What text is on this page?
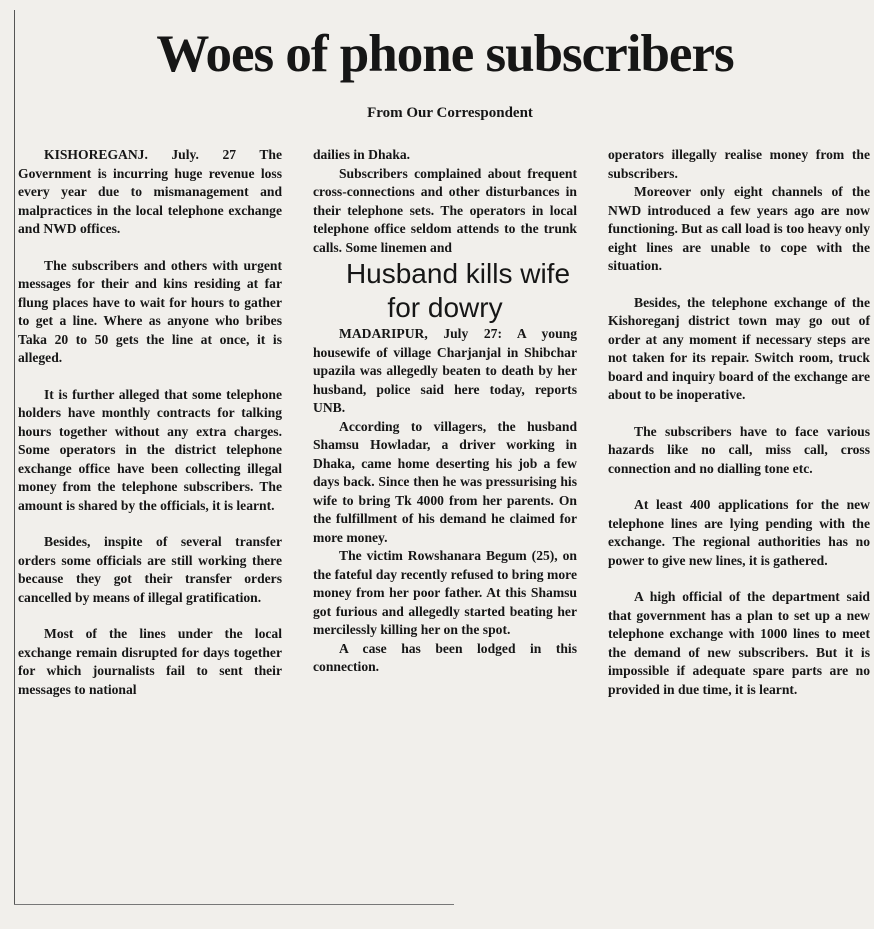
Woes of phone subscribers
From Our Correspondent

KISHOREGANJ. July. 27 The Government is incurring huge revenue loss every year due to mismanagement and malpractices in the local telephone exchange and NWD offices.

The subscribers and others with urgent messages for their and kins residing at far flung places have to wait for hours to gather to get a line. Where as anyone who bribes Taka 20 to 50 gets the line at once, it is alleged.

It is further alleged that some telephone holders have monthly contracts for talking hours together without any extra charges. Some operators in the district telephone exchange office have been collecting illegal money from the telephone subscribers. The amount is shared by the officials, it is learnt.

Besides, inspite of several transfer orders some officials are still working there because they got their transfer orders cancelled by means of illegal gratification.

Most of the lines under the local exchange remain disrupted for days together for which journalists fail to sent their messages to national

dailies in Dhaka.

Subscribers complained about frequent cross-connections and other disturbances in their telephone sets. The operators in local telephone office seldom attends to the trunk calls. Some linemen and

Husband kills wife for dowry

MADARIPUR, July 27: A young housewife of village Charjanjal in Shibchar upazila was allegedly beaten to death by her husband, police said here today, reports UNB.

According to villagers, the husband Shamsu Howladar, a driver working in Dhaka, came home deserting his job a few days back. Since then he was pressurising his wife to bring Tk 4000 from her parents. On the fulfillment of his demand he claimed for more money.

The victim Rowshanara Begum (25), on the fateful day recently refused to bring more money from her poor father. At this Shamsu got furious and allegedly started beating her mercilessly killing her on the spot.

A case has been lodged in this connection.

operators illegally realise money from the subscribers.

Moreover only eight channels of the NWD introduced a few years ago are now functioning. But as call load is too heavy only eight lines are unable to cope with the situation.

Besides, the telephone exchange of the Kishoreganj district town may go out of order at any moment if necessary steps are not taken for its repair. Switch room, truck board and inquiry board of the exchange are about to be inoperative.

The subscribers have to face various hazards like no call, miss call, cross connection and no dialling tone etc.

At least 400 applications for the new telephone lines are lying pending with the exchange. The regional authorities has no power to give new lines, it is gathered.

A high official of the department said that government has a plan to set up a new telephone exchange with 1000 lines to meet the demand of new subscribers. But it is impossible if adequate spare parts are no provided in due time, it is learnt.
